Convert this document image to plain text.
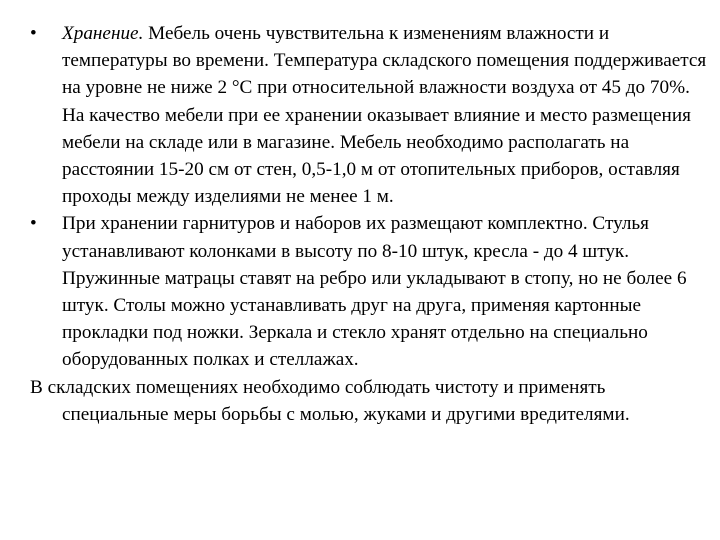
•	Хранение. Мебель очень чувствительна к изменениям влажности и температуры во времени. Температура складского помещения поддерживается на уровне не ниже 2 °С при относительной влажности воздуха от 45 до 70%. На качество мебели при ее хранении оказывает влияние и место размещения мебели на складе или в магазине. Мебель необходимо располагать на расстоянии 15-20 см от стен, 0,5-1,0 м от отопительных приборов, оставляя проходы между изделиями не менее 1 м.
•	При хранении гарнитуров и наборов их размещают комплектно. Стулья устанавливают колонками в высоту по 8-10 штук, кресла - до 4 штук. Пружинные матрацы ставят на ребро или укладывают в стопу, но не более 6 штук. Столы можно устанавливать друг на друга, применяя картонные прокладки под ножки. Зеркала и стекло хранят отдельно на специально оборудованных полках и стеллажах.
В складских помещениях необходимо соблюдать чистоту и применять специальные меры борьбы с молью, жуками и другими вредителями.
